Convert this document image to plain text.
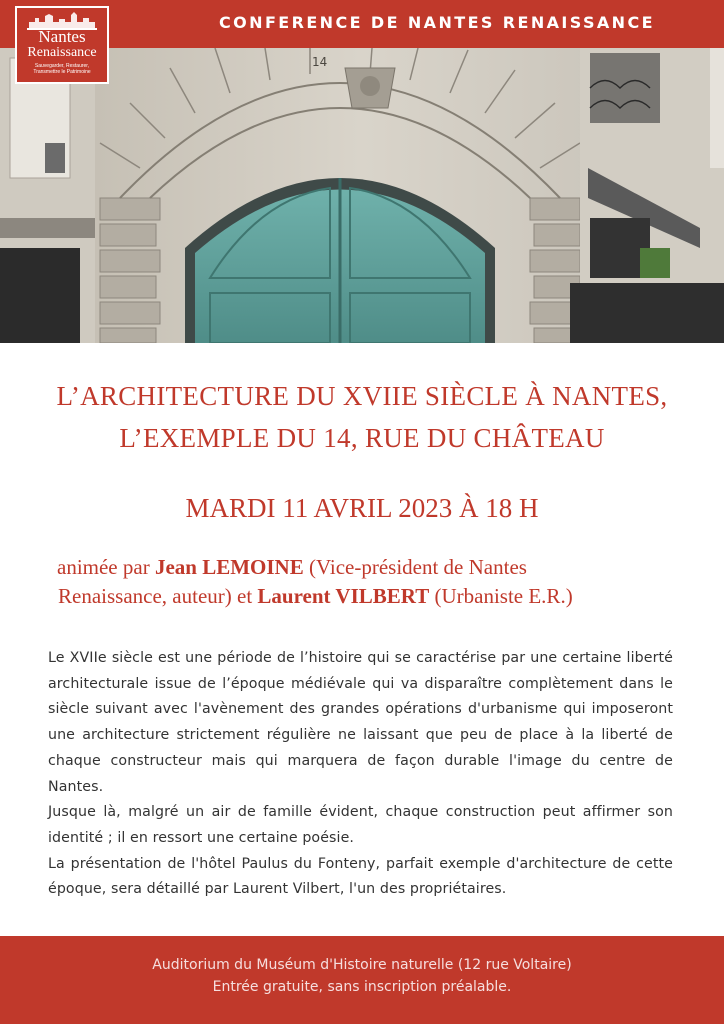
CONFERENCE DE NANTES RENAISSANCE
Nantes
Renaissance
Sauvegarder, Restaurer, Transmettre le Patrimoine
14
L’ARCHITECTURE DU XVIIE SIÈCLE À NANTES,
L’EXEMPLE DU 14, RUE DU CHÂTEAU
MARDI 11 AVRIL 2023 À 18 H
animée par Jean LEMOINE (Vice-président de Nantes
Renaissance, auteur) et Laurent VILBERT (Urbaniste E.R.)

Le XVIIe siècle est une période de l’histoire qui se caractérise par une certaine liberté architecturale issue de l’époque médiévale qui va disparaître complètement dans le siècle suivant avec l'avènement des grandes opérations d'urbanisme qui imposeront une architecture strictement régulière ne laissant que peu de place à la liberté de chaque constructeur mais qui marquera de façon durable l'image du centre de Nantes.

Jusque là, malgré un air de famille évident, chaque construction peut affirmer son identité ; il en ressort une certaine poésie.

La présentation de l'hôtel Paulus du Fonteny, parfait exemple d'architecture de cette époque, sera détaillé par Laurent Vilbert, l'un des propriétaires.

Auditorium du Muséum d'Histoire naturelle (12 rue Voltaire)
Entrée gratuite, sans inscription préalable.
